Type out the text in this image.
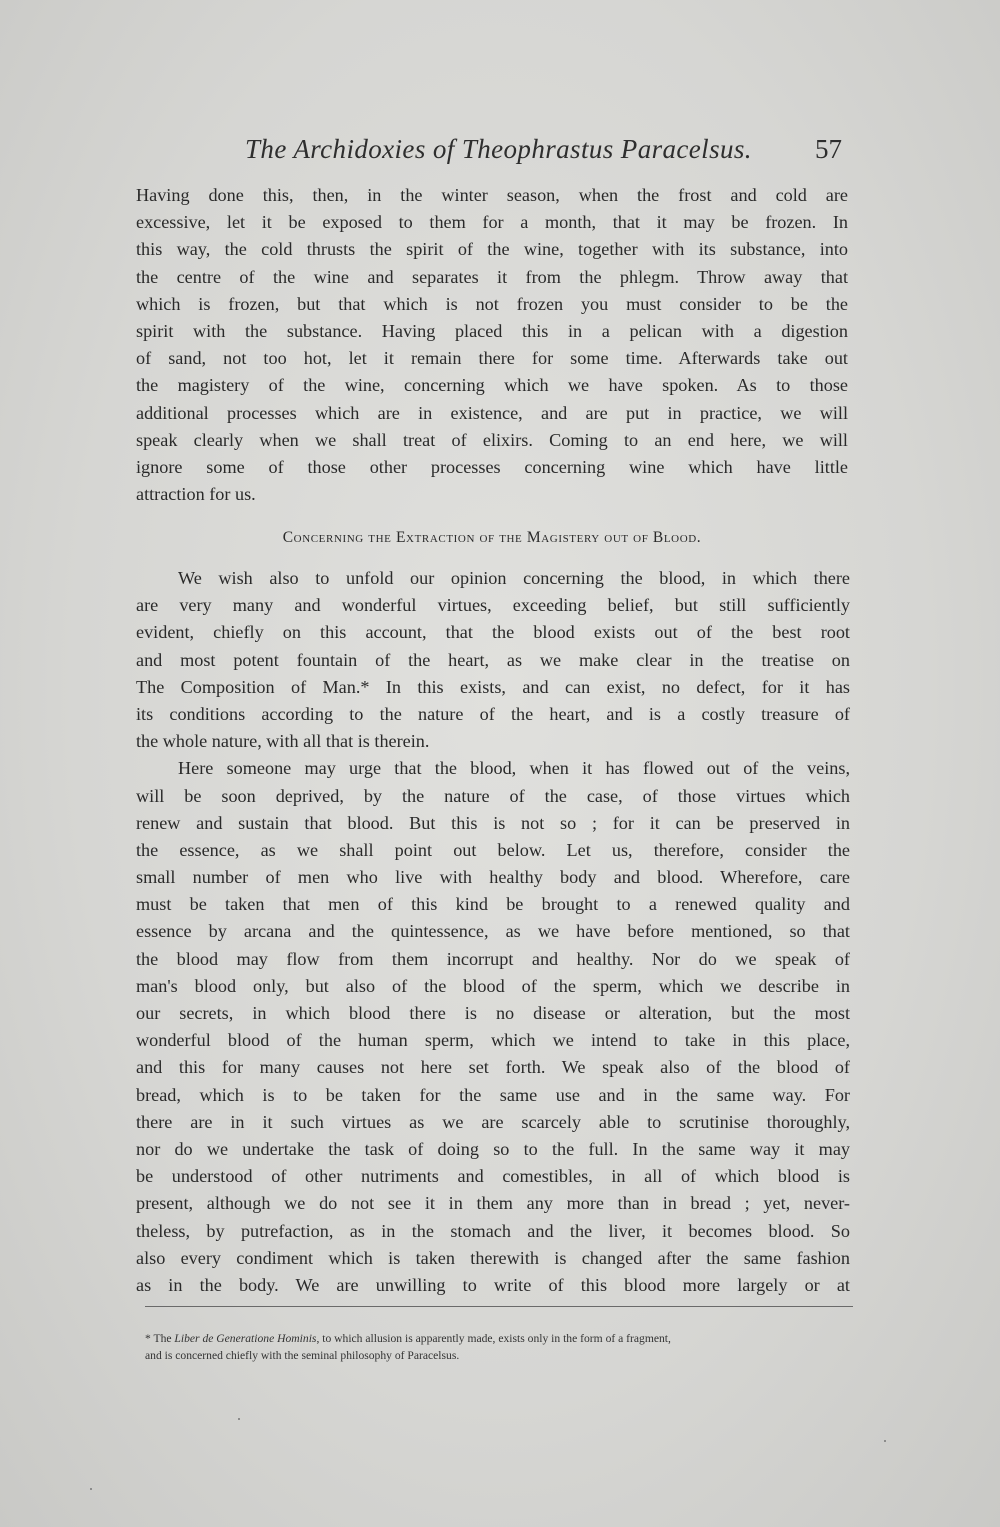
The Archidoxies of Theophrastus Paracelsus. 57
Having done this, then, in the winter season, when the frost and cold are
excessive, let it be exposed to them for a month, that it may be frozen. In
this way, the cold thrusts the spirit of the wine, together with its substance, into
the centre of the wine and separates it from the phlegm. Throw away that
which is frozen, but that which is not frozen you must consider to be the
spirit with the substance. Having placed this in a pelican with a digestion
of sand, not too hot, let it remain there for some time. Afterwards take out
the magistery of the wine, concerning which we have spoken. As to those
additional processes which are in existence, and are put in practice, we will
speak clearly when we shall treat of elixirs. Coming to an end here, we will
ignore some of those other processes concerning wine which have little
attraction for us.
Concerning the Extraction of the Magistery out of Blood.
We wish also to unfold our opinion concerning the blood, in which there
are very many and wonderful virtues, exceeding belief, but still sufficiently
evident, chiefly on this account, that the blood exists out of the best root
and most potent fountain of the heart, as we make clear in the treatise on
The Composition of Man.* In this exists, and can exist, no defect, for it has
its conditions according to the nature of the heart, and is a costly treasure of
the whole nature, with all that is therein.
Here someone may urge that the blood, when it has flowed out of the veins,
will be soon deprived, by the nature of the case, of those virtues which
renew and sustain that blood. But this is not so ; for it can be preserved in
the essence, as we shall point out below. Let us, therefore, consider the
small number of men who live with healthy body and blood. Wherefore, care
must be taken that men of this kind be brought to a renewed quality and
essence by arcana and the quintessence, as we have before mentioned, so that
the blood may flow from them incorrupt and healthy. Nor do we speak of
man's blood only, but also of the blood of the sperm, which we describe in
our secrets, in which blood there is no disease or alteration, but the most
wonderful blood of the human sperm, which we intend to take in this place,
and this for many causes not here set forth. We speak also of the blood of
bread, which is to be taken for the same use and in the same way. For
there are in it such virtues as we are scarcely able to scrutinise thoroughly,
nor do we undertake the task of doing so to the full. In the same way it may
be understood of other nutriments and comestibles, in all of which blood is
present, although we do not see it in them any more than in bread ; yet, never-
theless, by putrefaction, as in the stomach and the liver, it becomes blood. So
also every condiment which is taken therewith is changed after the same fashion
as in the body. We are unwilling to write of this blood more largely or at
* The Liber de Generatione Hominis, to which allusion is apparently made, exists only in the form of a fragment,
and is concerned chiefly with the seminal philosophy of Paracelsus.
